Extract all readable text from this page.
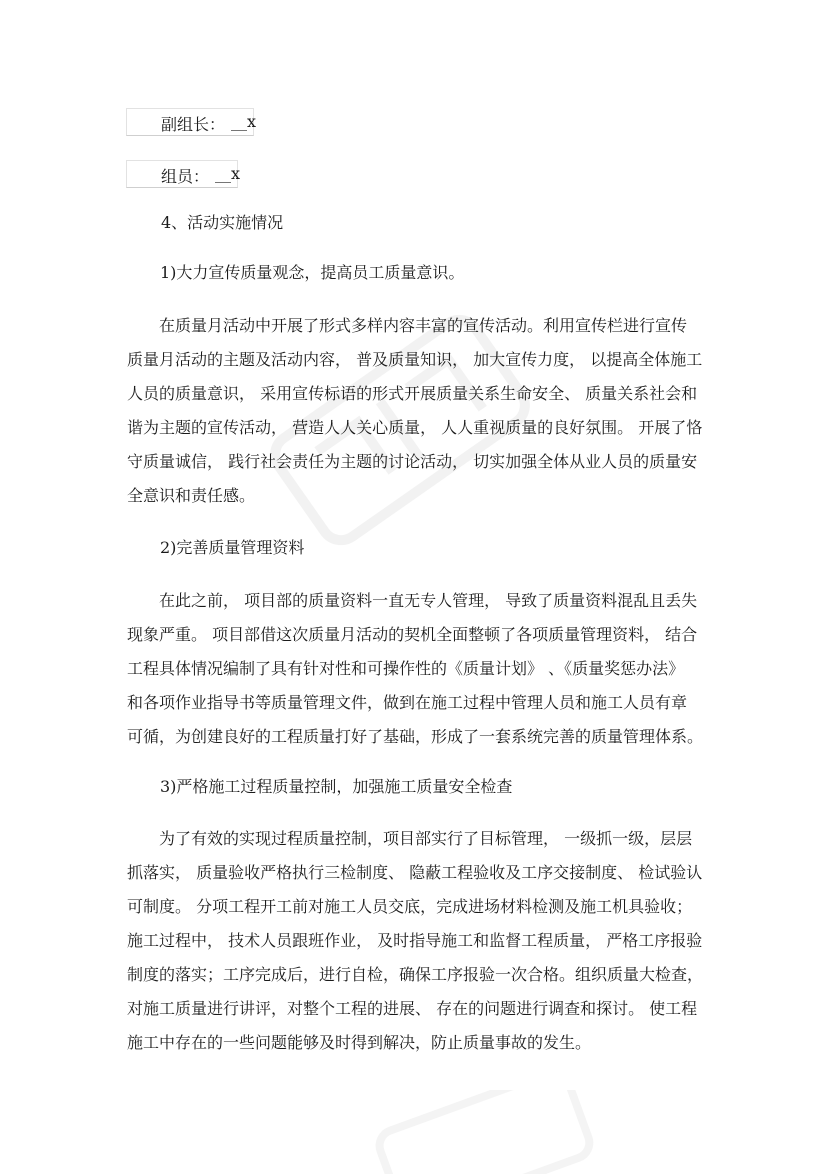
副组长： __x
组员： __x
4、活动实施情况
1)大力宣传质量观念，提高员工质量意识。
　　在质量月活动中开展了形式多样内容丰富的宣传活动。利用宣传栏进行宣传
质量月活动的主题及活动内容， 普及质量知识， 加大宣传力度， 以提高全体施工
人员的质量意识， 采用宣传标语的形式开展质量关系生命安全、 质量关系社会和
谐为主题的宣传活动， 营造人人关心质量， 人人重视质量的良好氛围。 开展了恪
守质量诚信， 践行社会责任为主题的讨论活动， 切实加强全体从业人员的质量安
全意识和责任感。
2)完善质量管理资料
　　在此之前， 项目部的质量资料一直无专人管理， 导致了质量资料混乱且丢失
现象严重。 项目部借这次质量月活动的契机全面整顿了各项质量管理资料， 结合
工程具体情况编制了具有针对性和可操作性的《质量计划》 、《质量奖惩办法》
和各项作业指导书等质量管理文件，做到在施工过程中管理人员和施工人员有章
可循，为创建良好的工程质量打好了基础，形成了一套系统完善的质量管理体系。
3)严格施工过程质量控制，加强施工质量安全检查
　　为了有效的实现过程质量控制，项目部实行了目标管理， 一级抓一级，层层
抓落实， 质量验收严格执行三检制度、 隐蔽工程验收及工序交接制度、 检试验认
可制度。 分项工程开工前对施工人员交底，完成进场材料检测及施工机具验收；
施工过程中， 技术人员跟班作业， 及时指导施工和监督工程质量， 严格工序报验
制度的落实；工序完成后，进行自检，确保工序报验一次合格。组织质量大检查，
对施工质量进行讲评，对整个工程的进展、 存在的问题进行调查和探讨。 使工程
施工中存在的一些问题能够及时得到解决，防止质量事故的发生。
